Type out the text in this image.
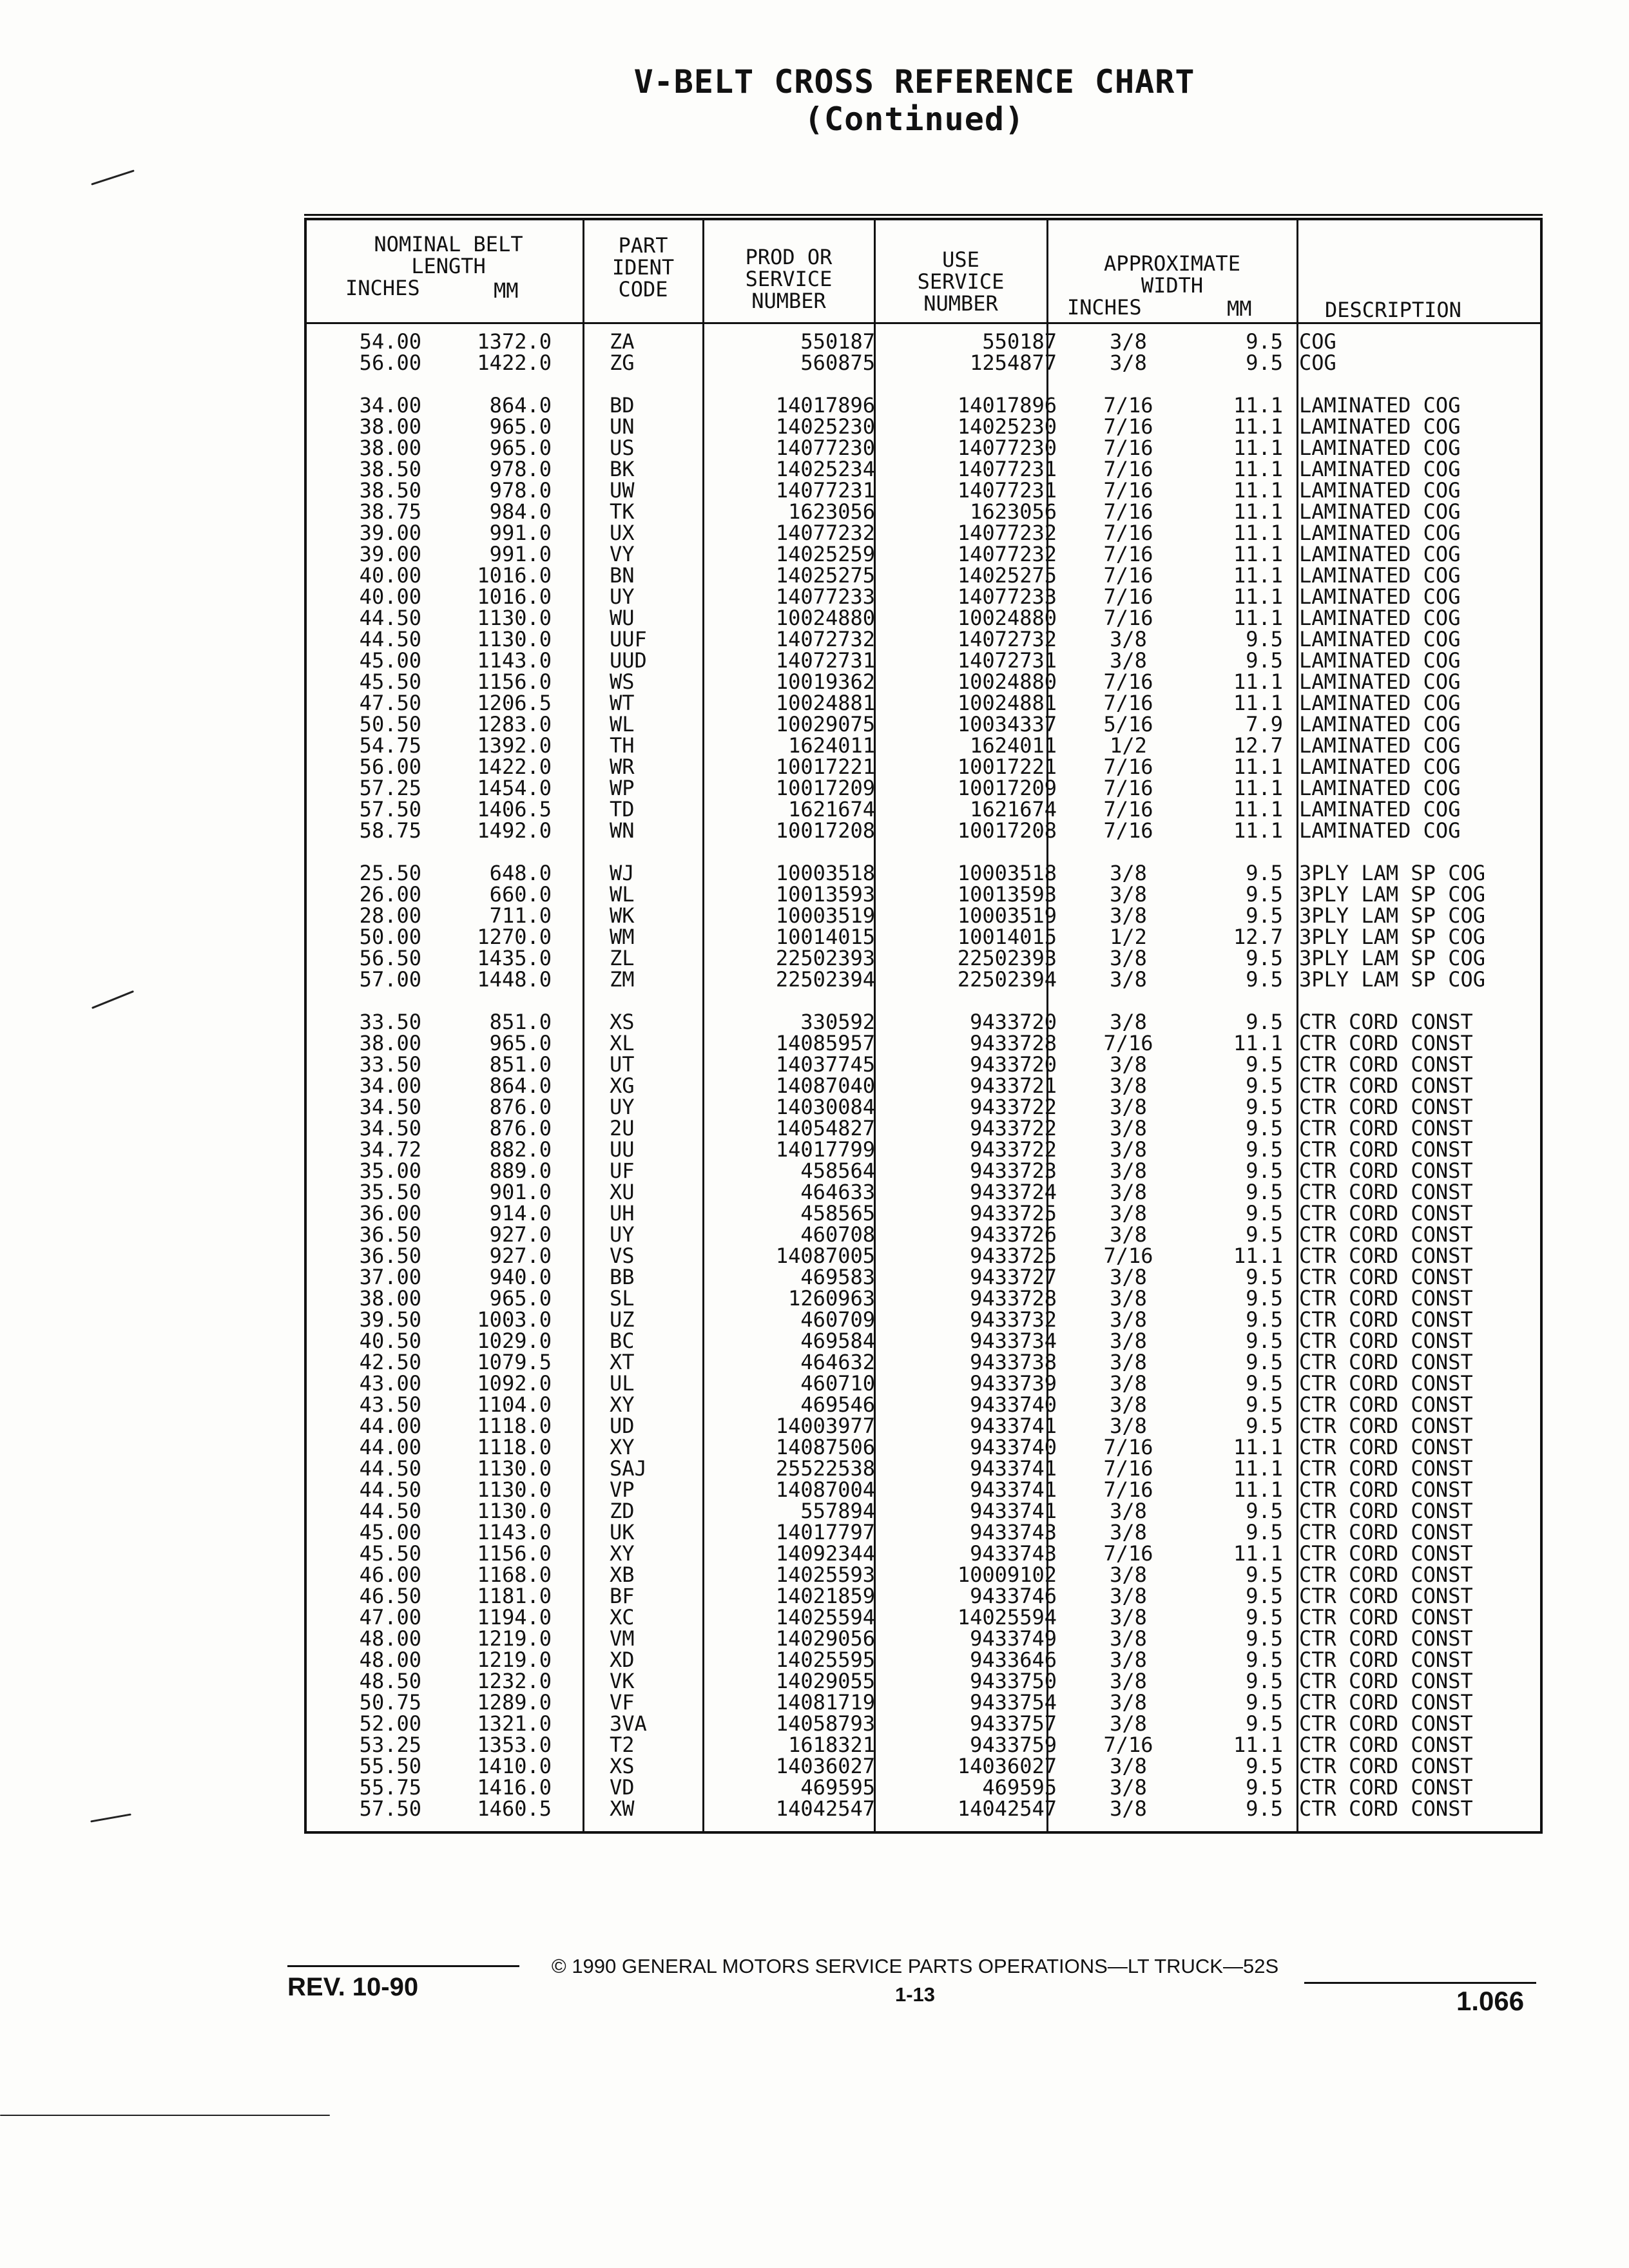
V-BELT CROSS REFERENCE CHART
(Continued)
NOMINAL BELT
LENGTH
INCHES	MM
PART
IDENT
CODE
PROD OR
SERVICE
NUMBER
USE
SERVICE
NUMBER
APPROXIMATE
WIDTH
INCHES	MM	DESCRIPTION
54.00	1372.0	ZA	550187	550187	3/8	9.5 COG
56.00	1422.0	ZG	560875	1254877	3/8	9.5 COG
34.00	864.0	BD	14017896	14017896	7/16	11.1 LAMINATED COG
38.00	965.0	UN	14025230	14025230	7/16	11.1 LAMINATED COG
38.00	965.0	US	14077230	14077230	7/16	11.1 LAMINATED COG
38.50	978.0	BK	14025234	14077231	7/16	11.1 LAMINATED COG
38.50	978.0	UW	14077231	14077231	7/16	11.1 LAMINATED COG
38.75	984.0	TK	1623056	1623056	7/16	11.1 LAMINATED COG
39.00	991.0	UX	14077232	14077232	7/16	11.1 LAMINATED COG
39.00	991.0	VY	14025259	14077232	7/16	11.1 LAMINATED COG
40.00	1016.0	BN	14025275	14025275	7/16	11.1 LAMINATED COG
40.00	1016.0	UY	14077233	14077233	7/16	11.1 LAMINATED COG
44.50	1130.0	WU	10024880	10024880	7/16	11.1 LAMINATED COG
44.50	1130.0	UUF	14072732	14072732	3/8	9.5 LAMINATED COG
45.00	1143.0	UUD	14072731	14072731	3/8	9.5 LAMINATED COG
45.50	1156.0	WS	10019362	10024880	7/16	11.1 LAMINATED COG
47.50	1206.5	WT	10024881	10024881	7/16	11.1 LAMINATED COG
50.50	1283.0	WL	10029075	10034337	5/16	7.9 LAMINATED COG
54.75	1392.0	TH	1624011	1624011	1/2	12.7 LAMINATED COG
56.00	1422.0	WR	10017221	10017221	7/16	11.1 LAMINATED COG
57.25	1454.0	WP	10017209	10017209	7/16	11.1 LAMINATED COG
57.50	1406.5	TD	1621674	1621674	7/16	11.1 LAMINATED COG
58.75	1492.0	WN	10017208	10017208	7/16	11.1 LAMINATED COG
25.50	648.0	WJ	10003518	10003518	3/8	9.5 3PLY LAM SP COG
26.00	660.0	WL	10013593	10013593	3/8	9.5 3PLY LAM SP COG
28.00	711.0	WK	10003519	10003519	3/8	9.5 3PLY LAM SP COG
50.00	1270.0	WM	10014015	10014015	1/2	12.7 3PLY LAM SP COG
56.50	1435.0	ZL	22502393	22502393	3/8	9.5 3PLY LAM SP COG
57.00	1448.0	ZM	22502394	22502394	3/8	9.5 3PLY LAM SP COG
33.50	851.0	XS	330592	9433720	3/8	9.5 CTR CORD CONST
38.00	965.0	XL	14085957	9433728	7/16	11.1 CTR CORD CONST
33.50	851.0	UT	14037745	9433720	3/8	9.5 CTR CORD CONST
34.00	864.0	XG	14087040	9433721	3/8	9.5 CTR CORD CONST
34.50	876.0	UY	14030084	9433722	3/8	9.5 CTR CORD CONST
34.50	876.0	2U	14054827	9433722	3/8	9.5 CTR CORD CONST
34.72	882.0	UU	14017799	9433722	3/8	9.5 CTR CORD CONST
35.00	889.0	UF	458564	9433723	3/8	9.5 CTR CORD CONST
35.50	901.0	XU	464633	9433724	3/8	9.5 CTR CORD CONST
36.00	914.0	UH	458565	9433725	3/8	9.5 CTR CORD CONST
36.50	927.0	UY	460708	9433726	3/8	9.5 CTR CORD CONST
36.50	927.0	VS	14087005	9433725	7/16	11.1 CTR CORD CONST
37.00	940.0	BB	469583	9433727	3/8	9.5 CTR CORD CONST
38.00	965.0	SL	1260963	9433728	3/8	9.5 CTR CORD CONST
39.50	1003.0	UZ	460709	9433732	3/8	9.5 CTR CORD CONST
40.50	1029.0	BC	469584	9433734	3/8	9.5 CTR CORD CONST
42.50	1079.5	XT	464632	9433738	3/8	9.5 CTR CORD CONST
43.00	1092.0	UL	460710	9433739	3/8	9.5 CTR CORD CONST
43.50	1104.0	XY	469546	9433740	3/8	9.5 CTR CORD CONST
44.00	1118.0	UD	14003977	9433741	3/8	9.5 CTR CORD CONST
44.00	1118.0	XY	14087506	9433740	7/16	11.1 CTR CORD CONST
44.50	1130.0	SAJ	25522538	9433741	7/16	11.1 CTR CORD CONST
44.50	1130.0	VP	14087004	9433741	7/16	11.1 CTR CORD CONST
44.50	1130.0	ZD	557894	9433741	3/8	9.5 CTR CORD CONST
45.00	1143.0	UK	14017797	9433743	3/8	9.5 CTR CORD CONST
45.50	1156.0	XY	14092344	9433743	7/16	11.1 CTR CORD CONST
46.00	1168.0	XB	14025593	10009102	3/8	9.5 CTR CORD CONST
46.50	1181.0	BF	14021859	9433746	3/8	9.5 CTR CORD CONST
47.00	1194.0	XC	14025594	14025594	3/8	9.5 CTR CORD CONST
48.00	1219.0	VM	14029056	9433749	3/8	9.5 CTR CORD CONST
48.00	1219.0	XD	14025595	9433646	3/8	9.5 CTR CORD CONST
48.50	1232.0	VK	14029055	9433750	3/8	9.5 CTR CORD CONST
50.75	1289.0	VF	14081719	9433754	3/8	9.5 CTR CORD CONST
52.00	1321.0	3VA	14058793	9433757	3/8	9.5 CTR CORD CONST
53.25	1353.0	T2	1618321	9433759	7/16	11.1 CTR CORD CONST
55.50	1410.0	XS	14036027	14036027	3/8	9.5 CTR CORD CONST
55.75	1416.0	VD	469595	469595	3/8	9.5 CTR CORD CONST
57.50	1460.5	XW	14042547	14042547	3/8	9.5 CTR CORD CONST
REV. 10-90
© 1990 GENERAL MOTORS SERVICE PARTS OPERATIONS—LT TRUCK—52S
1-13	1.066
